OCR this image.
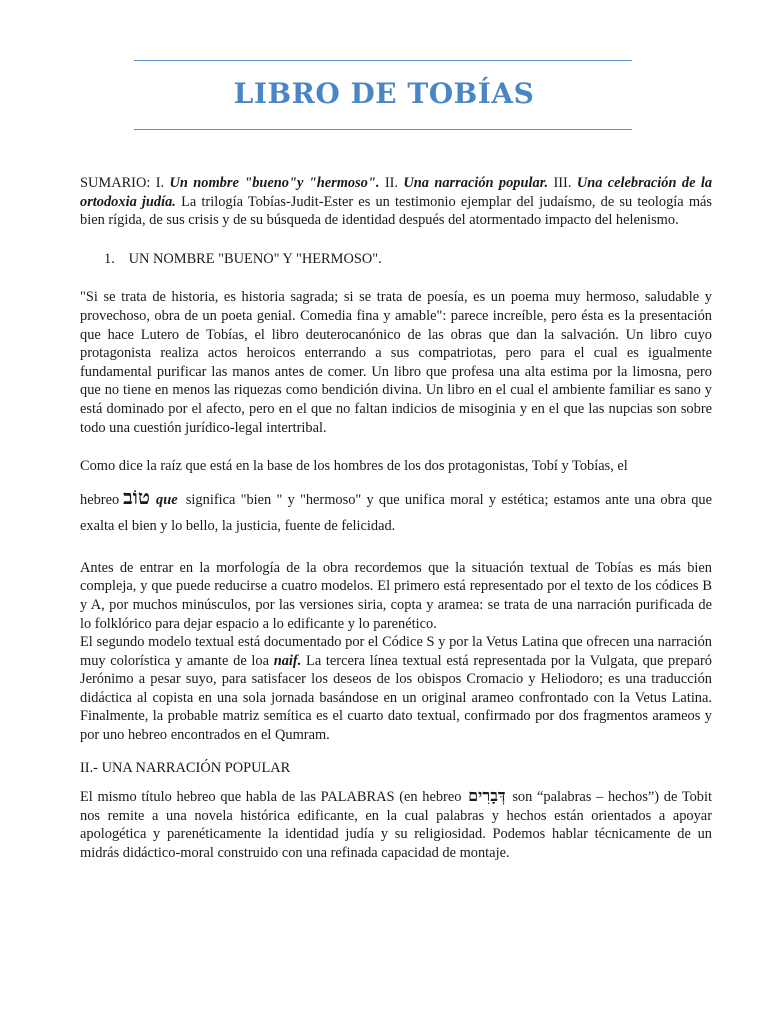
LIBRO DE TOBÍAS

SUMARIO: I. Un nombre "bueno"y "hermoso". II. Una narración popular. III. Una celebración de la ortodoxia judía. La trilogía Tobías-Judit-Ester es un testimonio ejemplar del judaísmo, de su teología más bien rígida, de sus crisis y de su búsqueda de identidad después del atormentado impacto del helenismo.

1. UN NOMBRE "BUENO" Y "HERMOSO".

"Si se trata de historia, es historia sagrada; si se trata de poesía, es un poema muy hermoso, saludable y provechoso, obra de un poeta genial. Comedia fina y amable": parece increíble, pero ésta es la presentación que hace Lutero de Tobías, el libro deuterocanónico de las obras que dan la salvación. Un libro cuyo protagonista realiza actos heroicos enterrando a sus compatriotas, pero para el cual es igualmente fundamental purificar las manos antes de comer. Un libro que profesa una alta estima por la limosna, pero que no tiene en menos las riquezas como bendición divina. Un libro en el cual el ambiente familiar es sano y está dominado por el afecto, pero en el que no faltan indicios de misoginia y en el que las nupcias son sobre todo una cuestión jurídico-legal intertribal.

Como dice la raíz que está en la base de los hombres de los dos protagonistas, Tobí y Tobías, el

hebreo טוֹב que significa "bien " y "hermoso" y que unifica moral y estética; estamos ante una obra que exalta el bien y lo bello, la justicia, fuente de felicidad.

Antes de entrar en la morfología de la obra recordemos que la situación textual de Tobías es más bien compleja, y que puede reducirse a cuatro modelos. El primero está representado por el texto de los códices B y A, por muchos minúsculos, por las versiones siria, copta y aramea: se trata de una narración purificada de lo folklórico para dejar espacio a lo edificante y lo parenético.

El segundo modelo textual está documentado por el Códice S y por la Vetus Latina que ofrecen una narración muy colorística y amante de loa naif. La tercera línea textual está representada por la Vulgata, que preparó Jerónimo a pesar suyo, para satisfacer los deseos de los obispos Cromacio y Heliodoro; es una traducción didáctica al copista en una sola jornada basándose en un original arameo confrontado con la Vetus Latina. Finalmente, la probable matriz semítica es el cuarto dato textual, confirmado por dos fragmentos arameos y por uno hebreo encontrados en el Qumram.

II.- UNA NARRACIÓN POPULAR

El mismo título hebreo que habla de las PALABRAS (en hebreo דְּבָרִים son “palabras – hechos”) de Tobit nos remite a una novela histórica edificante, en la cual palabras y hechos están orientados a apoyar apologética y parenéticamente la identidad judía y su religiosidad. Podemos hablar técnicamente de un midrás didáctico-moral construido con una refinada capacidad de montaje.
